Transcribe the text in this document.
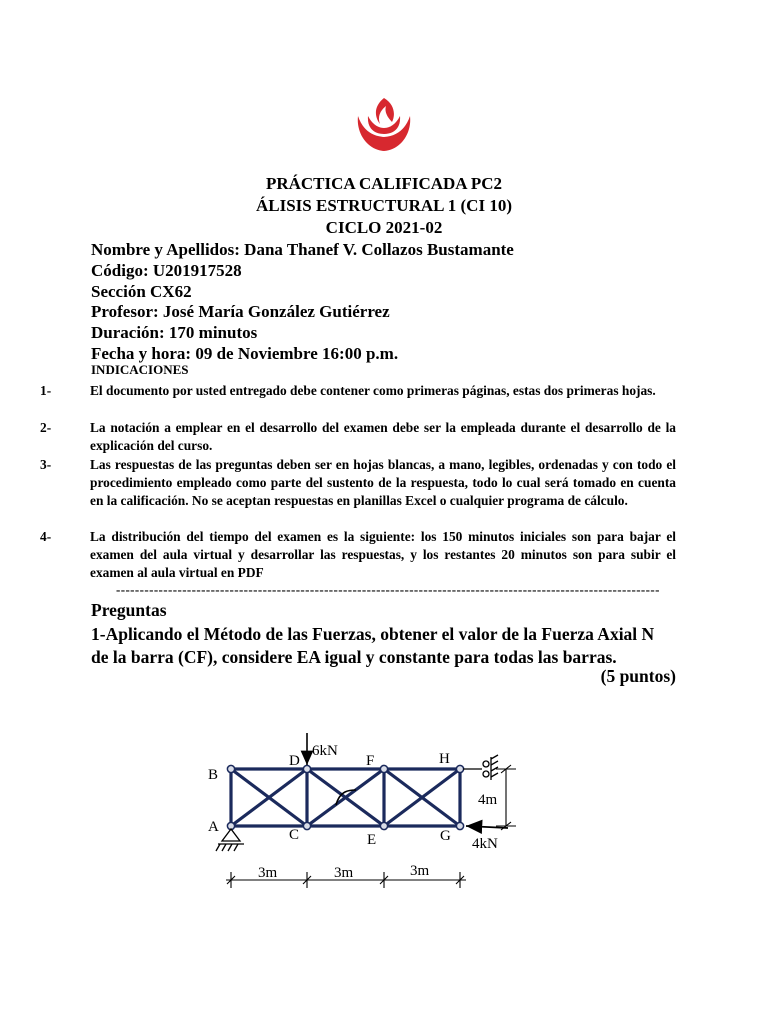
PRÁCTICA CALIFICADA PC2
ÁLISIS ESTRUCTURAL 1 (CI 10)
CICLO 2021-02
Nombre y Apellidos: Dana Thanef V. Collazos Bustamante
Código: U201917528
Sección CX62
Profesor: José María González Gutiérrez
Duración: 170 minutos
Fecha y hora: 09 de Noviembre 16:00 p.m.
INDICACIONES
1-	El documento por usted entregado debe contener como primeras páginas, estas dos primeras hojas.
2-	La notación a emplear en el desarrollo del examen debe ser la empleada durante el desarrollo de la explicación del curso.
3-	Las respuestas de las preguntas deben ser en hojas blancas, a mano, legibles, ordenadas y con todo el procedimiento empleado como parte del sustento de la respuesta, todo lo cual será tomado en cuenta en la calificación. No se aceptan respuestas en planillas Excel o cualquier programa de cálculo.
4-	La distribución del tiempo del examen es la siguiente: los 150 minutos iniciales son para bajar el examen del aula virtual y desarrollar las respuestas, y los restantes 20 minutos son para subir el examen al aula virtual en PDF
-------------------------------------------------------------------------------------------------------------------
Preguntas
1-Aplicando el Método de las Fuerzas, obtener el valor de la Fuerza Axial N de la barra (CF), considere EA igual y constante para todas las barras.
(5 puntos)
A
B
C
D
E
F
G
H
6kN
4kN
4m
3m	3m	3m
